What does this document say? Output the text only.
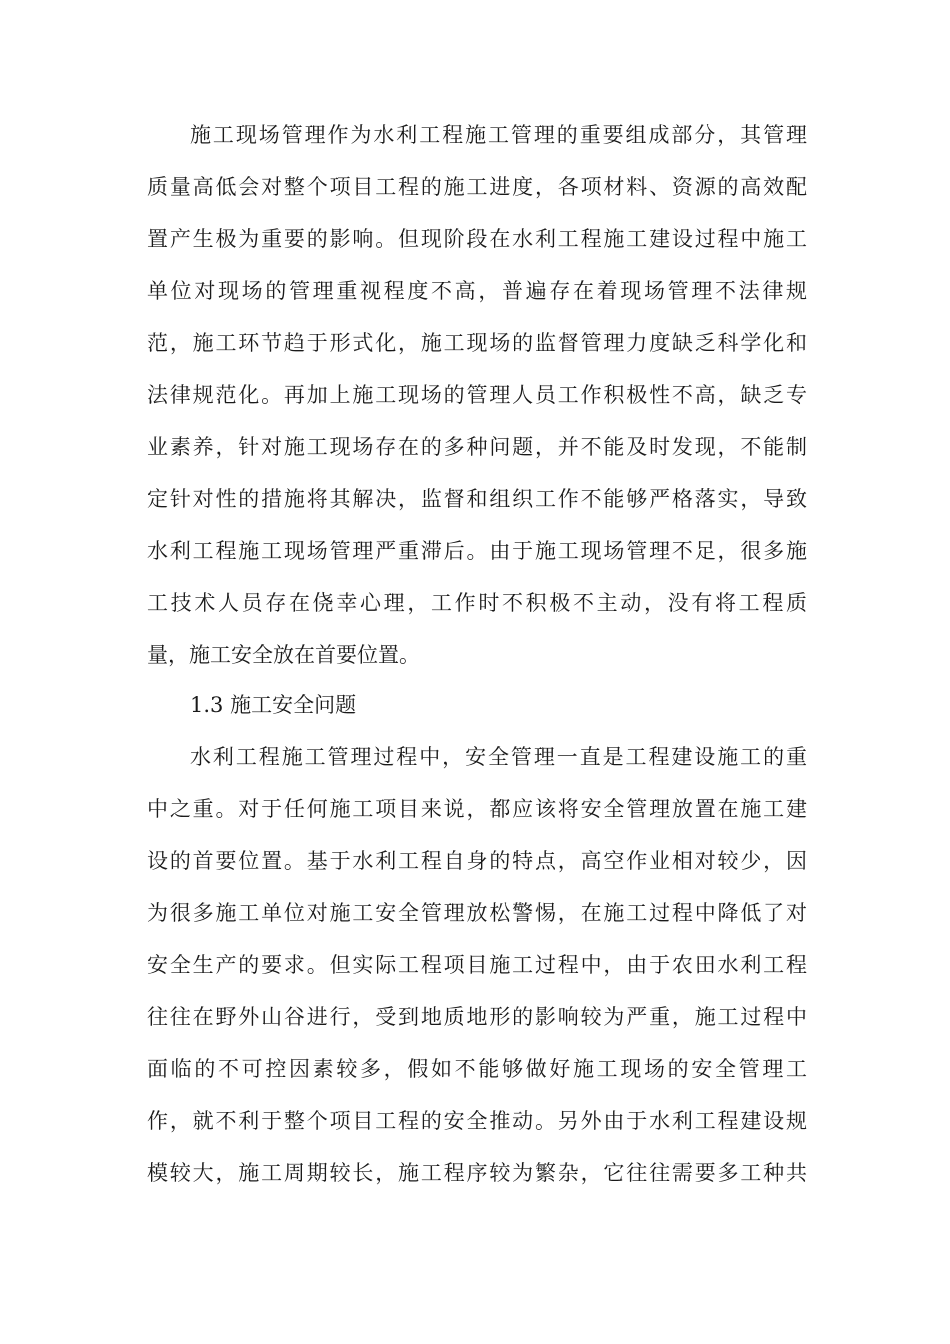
施工现场管理作为水利工程施工管理的重要组成部分，其管理
质量高低会对整个项目工程的施工进度，各项材料、资源的高效配
置产生极为重要的影响。但现阶段在水利工程施工建设过程中施工
单位对现场的管理重视程度不高，普遍存在着现场管理不法律规
范，施工环节趋于形式化，施工现场的监督管理力度缺乏科学化和
法律规范化。再加上施工现场的管理人员工作积极性不高，缺乏专
业素养，针对施工现场存在的多种问题，并不能及时发现，不能制
定针对性的措施将其解决，监督和组织工作不能够严格落实，导致
水利工程施工现场管理严重滞后。由于施工现场管理不足，很多施
工技术人员存在侥幸心理，工作时不积极不主动，没有将工程质
量，施工安全放在首要位置。
1.3 施工安全问题
水利工程施工管理过程中，安全管理一直是工程建设施工的重
中之重。对于任何施工项目来说，都应该将安全管理放置在施工建
设的首要位置。基于水利工程自身的特点，高空作业相对较少，因
为很多施工单位对施工安全管理放松警惕，在施工过程中降低了对
安全生产的要求。但实际工程项目施工过程中，由于农田水利工程
往往在野外山谷进行，受到地质地形的影响较为严重，施工过程中
面临的不可控因素较多，假如不能够做好施工现场的安全管理工
作，就不利于整个项目工程的安全推动。另外由于水利工程建设规
模较大，施工周期较长，施工程序较为繁杂，它往往需要多工种共
